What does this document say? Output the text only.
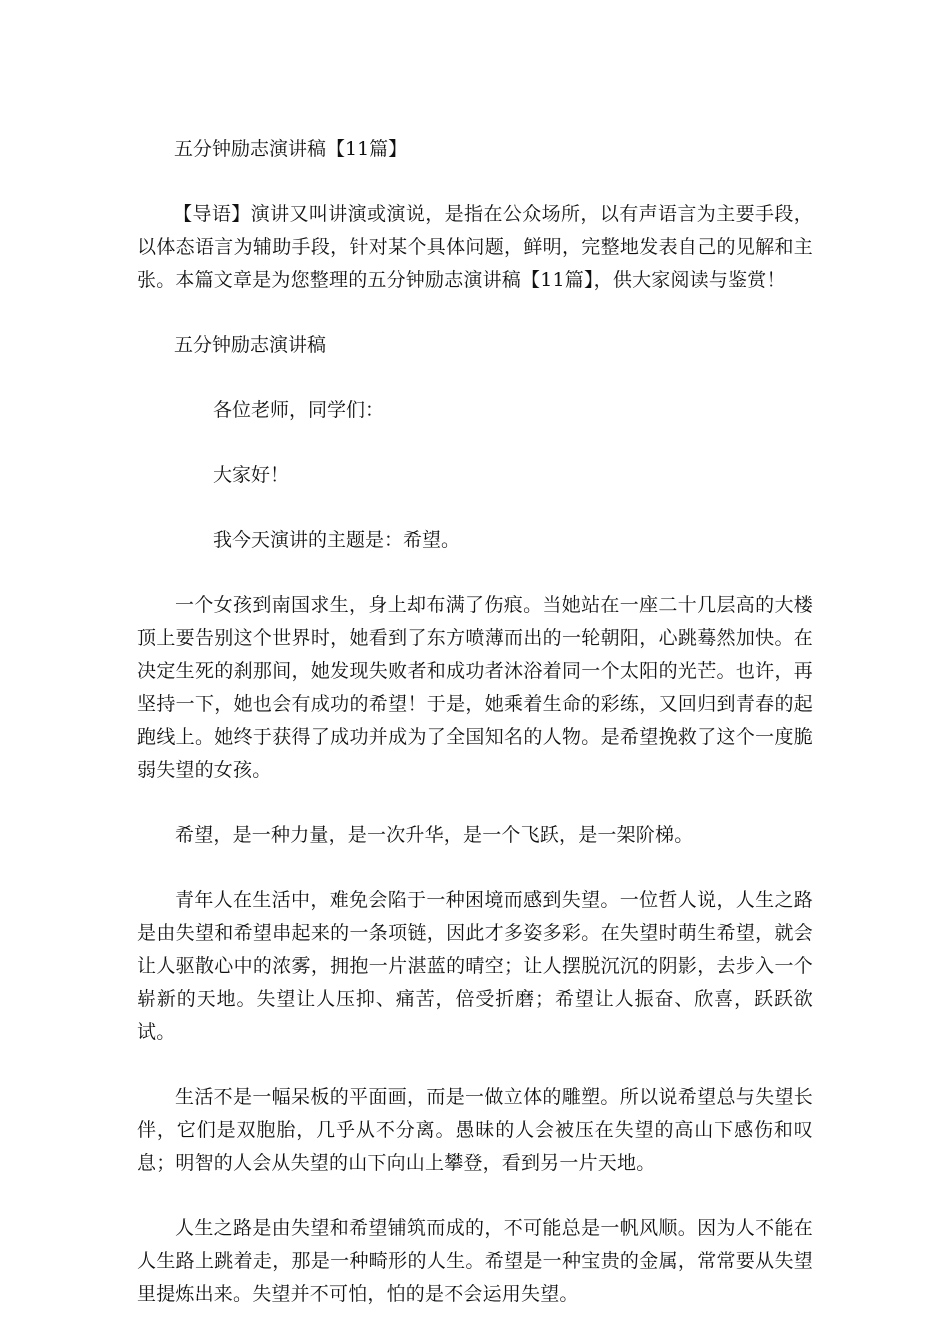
五分钟励志演讲稿【11篇】

【导语】演讲又叫讲演或演说，是指在公众场所，以有声语言为主要手段，以体态语言为辅助手段，针对某个具体问题，鲜明，完整地发表自己的见解和主张。本篇文章是为您整理的五分钟励志演讲稿【11篇】，供大家阅读与鉴赏！

五分钟励志演讲稿

各位老师，同学们：

大家好！

我今天演讲的主题是：希望。

一个女孩到南国求生，身上却布满了伤痕。当她站在一座二十几层高的大楼顶上要告别这个世界时，她看到了东方喷薄而出的一轮朝阳，心跳蓦然加快。在决定生死的刹那间，她发现失败者和成功者沐浴着同一个太阳的光芒。也许，再坚持一下，她也会有成功的希望！于是，她乘着生命的彩练，又回归到青春的起跑线上。她终于获得了成功并成为了全国知名的人物。是希望挽救了这个一度脆弱失望的女孩。

希望，是一种力量，是一次升华，是一个飞跃，是一架阶梯。

青年人在生活中，难免会陷于一种困境而感到失望。一位哲人说，人生之路是由失望和希望串起来的一条项链，因此才多姿多彩。在失望时萌生希望，就会让人驱散心中的浓雾，拥抱一片湛蓝的晴空；让人摆脱沉沉的阴影，去步入一个崭新的天地。失望让人压抑、痛苦，倍受折磨；希望让人振奋、欣喜，跃跃欲试。

生活不是一幅呆板的平面画，而是一做立体的雕塑。所以说希望总与失望长伴，它们是双胞胎，几乎从不分离。愚昧的人会被压在失望的高山下感伤和叹息；明智的人会从失望的山下向山上攀登，看到另一片天地。

人生之路是由失望和希望铺筑而成的，不可能总是一帆风顺。因为人不能在人生路上跳着走，那是一种畸形的人生。希望是一种宝贵的金属，常常要从失望里提炼出来。失望并不可怕，怕的是不会运用失望。
